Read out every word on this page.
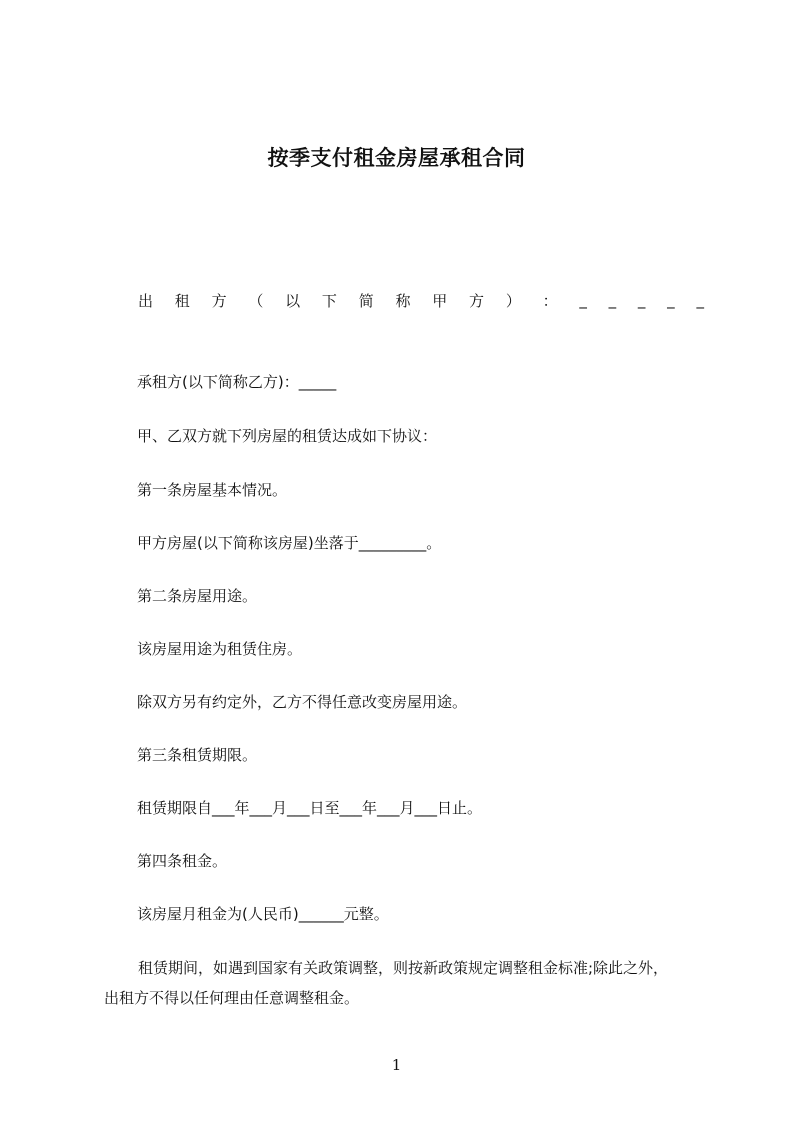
按季支付租金房屋承租合同
出 租 方 （ 以 下 简 称 甲 方 ） ： _ _ _ _ _

承租方(以下简称乙方)：_____

甲、乙双方就下列房屋的租赁达成如下协议：

第一条房屋基本情况。

甲方房屋(以下简称该房屋)坐落于_________。

第二条房屋用途。

该房屋用途为租赁住房。

除双方另有约定外，乙方不得任意改变房屋用途。

第三条租赁期限。

租赁期限自___年___月___日至___年___月___日止。

第四条租金。

该房屋月租金为(人民币)______元整。

租赁期间，如遇到国家有关政策调整，则按新政策规定调整租金标准;除此之外，
出租方不得以任何理由任意调整租金。

1
